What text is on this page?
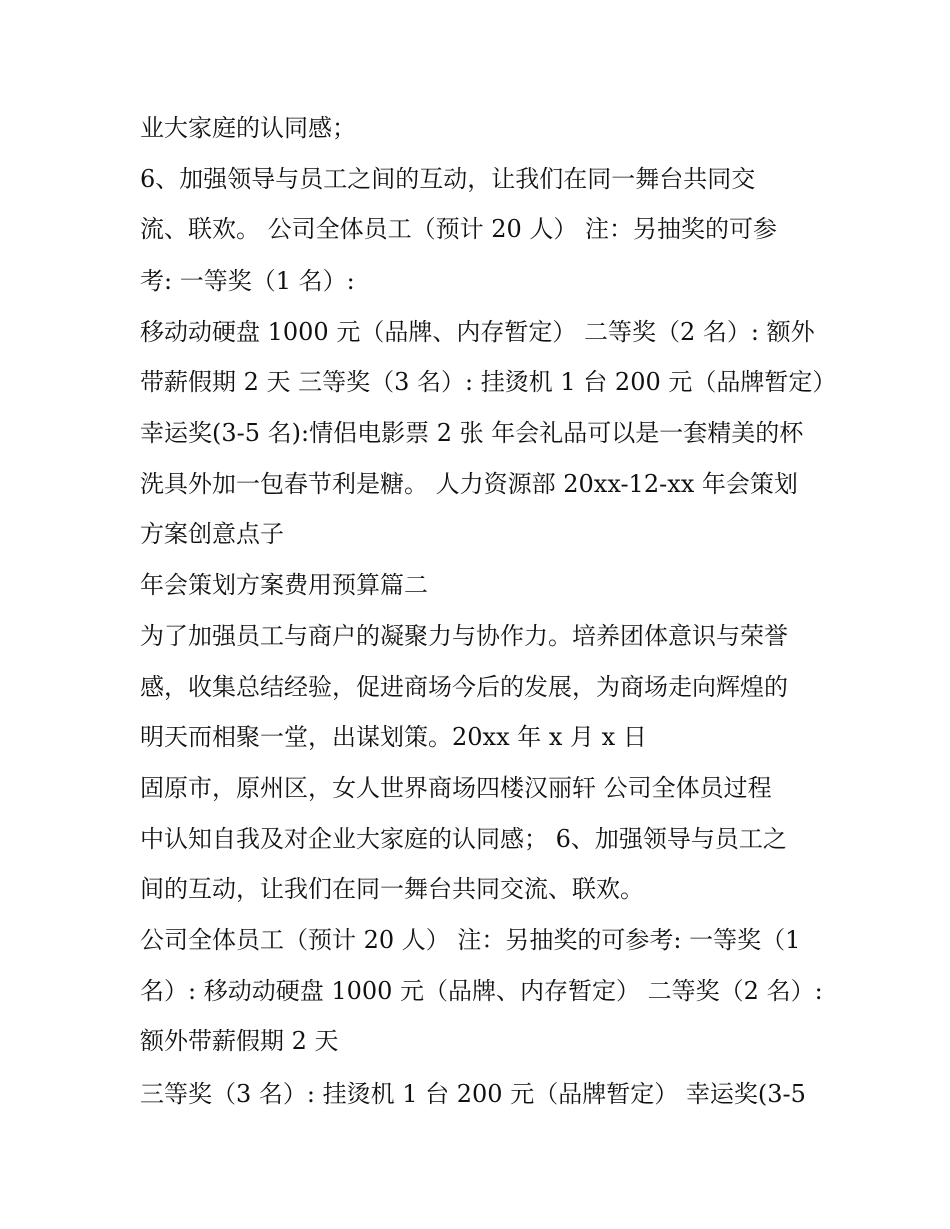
业大家庭的认同感；
6、加强领导与员工之间的互动，让我们在同一舞台共同交
流、联欢。 公司全体员工（预计 20 人） 注：另抽奖的可参
考: 一等奖（1 名）:
移动动硬盘 1000 元（品牌、内存暂定） 二等奖（2 名）: 额外
带薪假期 2 天 三等奖（3 名）: 挂烫机 1 台 200 元（品牌暂定）
幸运奖(3-5 名):情侣电影票 2 张 年会礼品可以是一套精美的杯
洗具外加一包春节利是糖。 人力资源部 20xx-12-xx 年会策划
方案创意点子
年会策划方案费用预算篇二
为了加强员工与商户的凝聚力与协作力。培养团体意识与荣誉
感，收集总结经验，促进商场今后的发展，为商场走向辉煌的
明天而相聚一堂，出谋划策。20xx 年 x 月 x 日
固原市，原州区，女人世界商场四楼汉丽轩 公司全体员过程
中认知自我及对企业大家庭的认同感； 6、加强领导与员工之
间的互动，让我们在同一舞台共同交流、联欢。
公司全体员工（预计 20 人） 注：另抽奖的可参考: 一等奖（1
名）: 移动动硬盘 1000 元（品牌、内存暂定） 二等奖（2 名）:
额外带薪假期 2 天
三等奖（3 名）: 挂烫机 1 台 200 元（品牌暂定） 幸运奖(3-5
